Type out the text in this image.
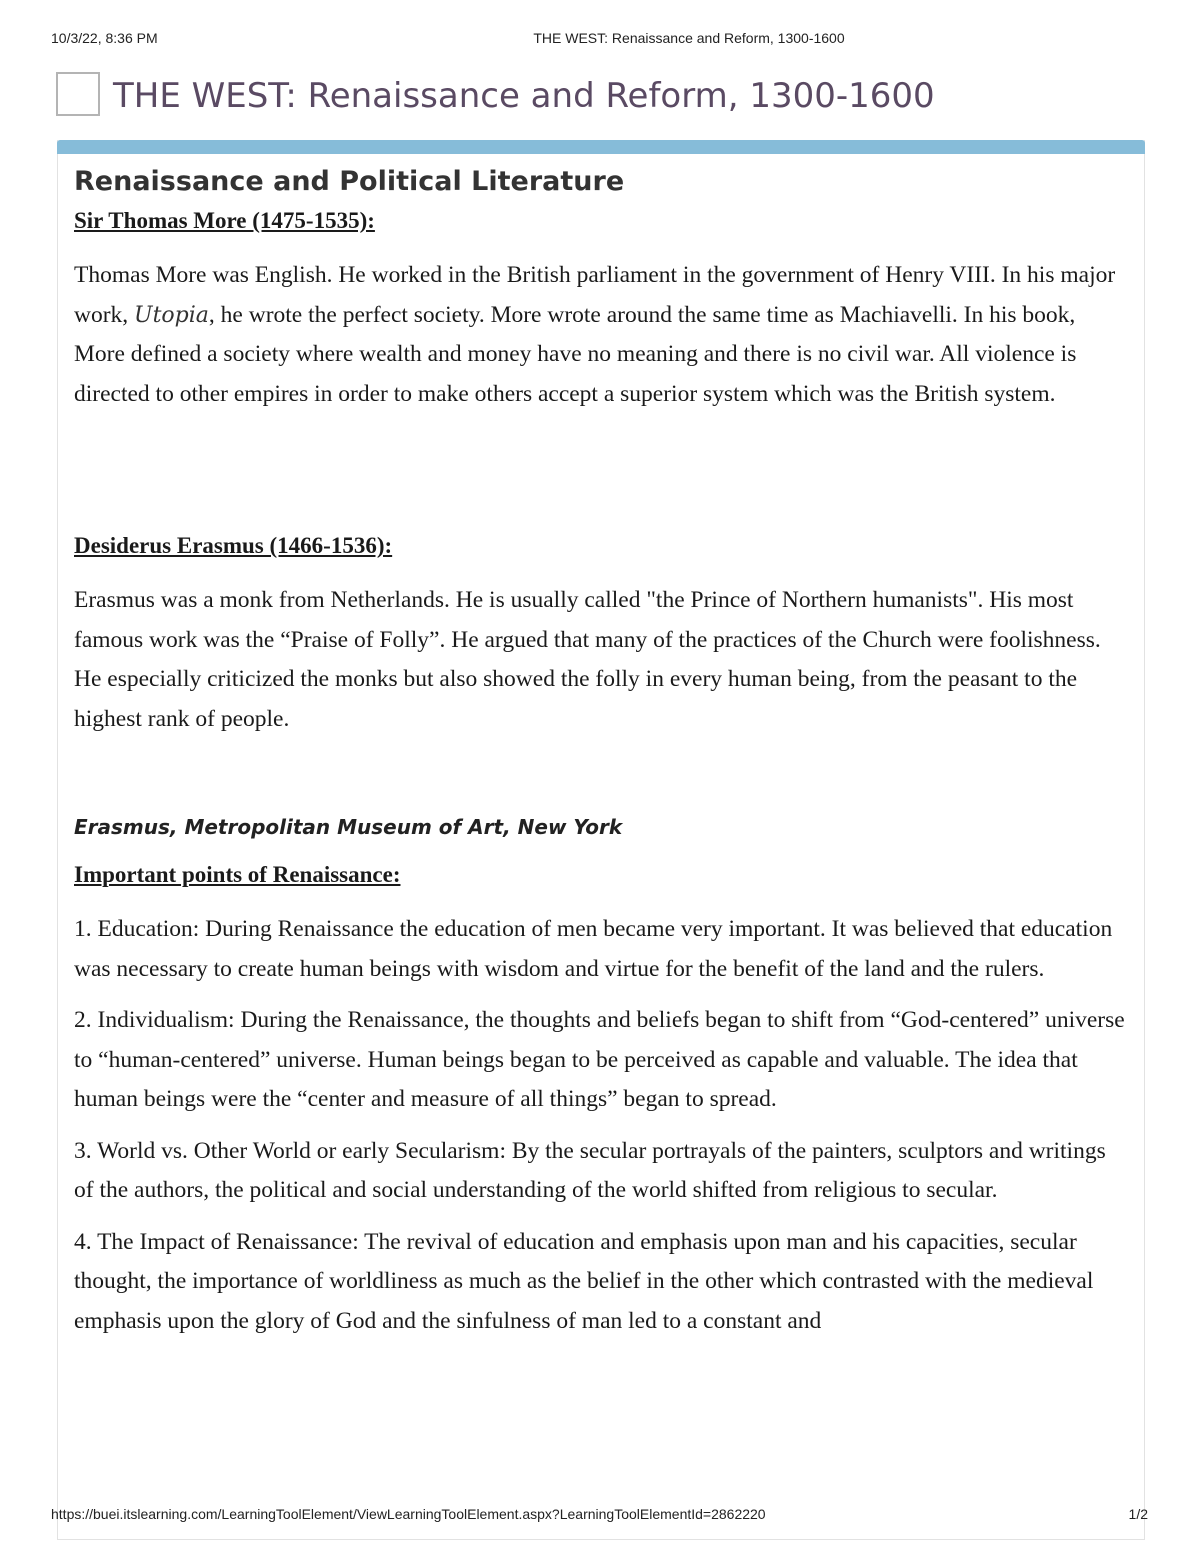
10/3/22, 8:36 PM	THE WEST: Renaissance and Reform, 1300-1600
THE WEST: Renaissance and Reform, 1300-1600
Renaissance and Political Literature
Sir Thomas More (1475-1535):

Thomas More was English. He worked in the British parliament in the government of Henry VIII. In his major work, Utopia, he wrote the perfect society. More wrote around the same time as Machiavelli. In his book, More defined a society where wealth and money have no meaning and there is no civil war. All violence is directed to other empires in order to make others accept a superior system which was the British system.

Desiderus Erasmus (1466-1536):

Erasmus was a monk from Netherlands. He is usually called "the Prince of Northern humanists". His most famous work was the “Praise of Folly”. He argued that many of the practices of the Church were foolishness. He especially criticized the monks but also showed the folly in every human being, from the peasant to the highest rank of people.

Erasmus, Metropolitan Museum of Art, New York
Important points of Renaissance:

1. Education: During Renaissance the education of men became very important. It was believed that education was necessary to create human beings with wisdom and virtue for the benefit of the land and the rulers.

2. Individualism: During the Renaissance, the thoughts and beliefs began to shift from “God-centered” universe to “human-centered” universe. Human beings began to be perceived as capable and valuable. The idea that human beings were the “center and measure of all things” began to spread.

3. World vs. Other World or early Secularism: By the secular portrayals of the painters, sculptors and writings of the authors, the political and social understanding of the world shifted from religious to secular.

4. The Impact of Renaissance: The revival of education and emphasis upon man and his capacities, secular thought, the importance of worldliness as much as the belief in the other which contrasted with the medieval emphasis upon the glory of God and the sinfulness of man led to a constant and

https://buei.itslearning.com/LearningToolElement/ViewLearningToolElement.aspx?LearningToolElementId=2862220	1/2
